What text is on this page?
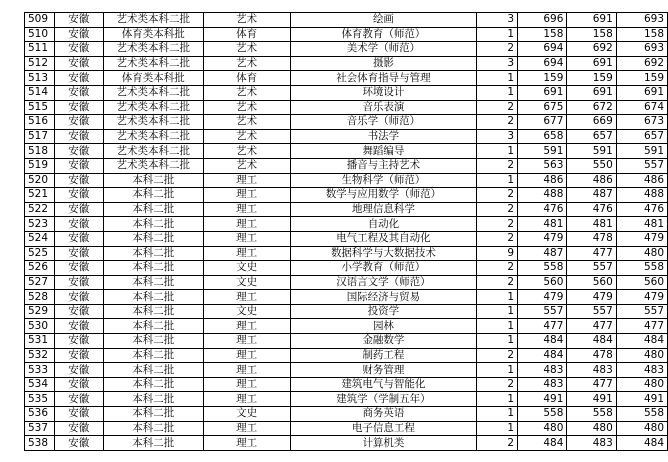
509	安徽	艺术类本科二批	艺术	绘画	3	696	691	693
510	安徽	体育类本科批	体育	体育教育（师范）	1	158	158	158
511	安徽	艺术类本科二批	艺术	美术学（师范）	2	694	692	693
512	安徽	艺术类本科二批	艺术	摄影	3	694	691	692
513	安徽	体育类本科批	体育	社会体育指导与管理	1	159	159	159
514	安徽	艺术类本科二批	艺术	环境设计	1	691	691	691
515	安徽	艺术类本科二批	艺术	音乐表演	2	675	672	674
516	安徽	艺术类本科二批	艺术	音乐学（师范）	2	677	669	673
517	安徽	艺术类本科二批	艺术	书法学	3	658	657	657
518	安徽	艺术类本科二批	艺术	舞蹈编导	1	591	591	591
519	安徽	艺术类本科二批	艺术	播音与主持艺术	2	563	550	557
520	安徽	本科二批	理工	生物科学（师范）	1	486	486	486
521	安徽	本科二批	理工	数学与应用数学（师范）	2	488	487	488
522	安徽	本科二批	理工	地理信息科学	2	476	476	476
523	安徽	本科二批	理工	自动化	2	481	481	481
524	安徽	本科二批	理工	电气工程及其自动化	2	479	478	479
525	安徽	本科二批	理工	数据科学与大数据技术	9	487	477	480
526	安徽	本科二批	文史	小学教育（师范）	2	558	557	558
527	安徽	本科二批	文史	汉语言文学（师范）	2	560	560	560
528	安徽	本科二批	理工	国际经济与贸易	1	479	479	479
529	安徽	本科二批	文史	投资学	1	557	557	557
530	安徽	本科二批	理工	园林	1	477	477	477
531	安徽	本科二批	理工	金融数学	1	484	484	484
532	安徽	本科二批	理工	制药工程	2	484	478	480
533	安徽	本科二批	理工	财务管理	1	483	483	483
534	安徽	本科二批	理工	建筑电气与智能化	2	483	477	480
535	安徽	本科二批	理工	建筑学（学制五年）	1	491	491	491
536	安徽	本科二批	文史	商务英语	1	558	558	558
537	安徽	本科二批	理工	电子信息工程	1	480	480	480
538	安徽	本科二批	理工	计算机类	2	484	483	484
